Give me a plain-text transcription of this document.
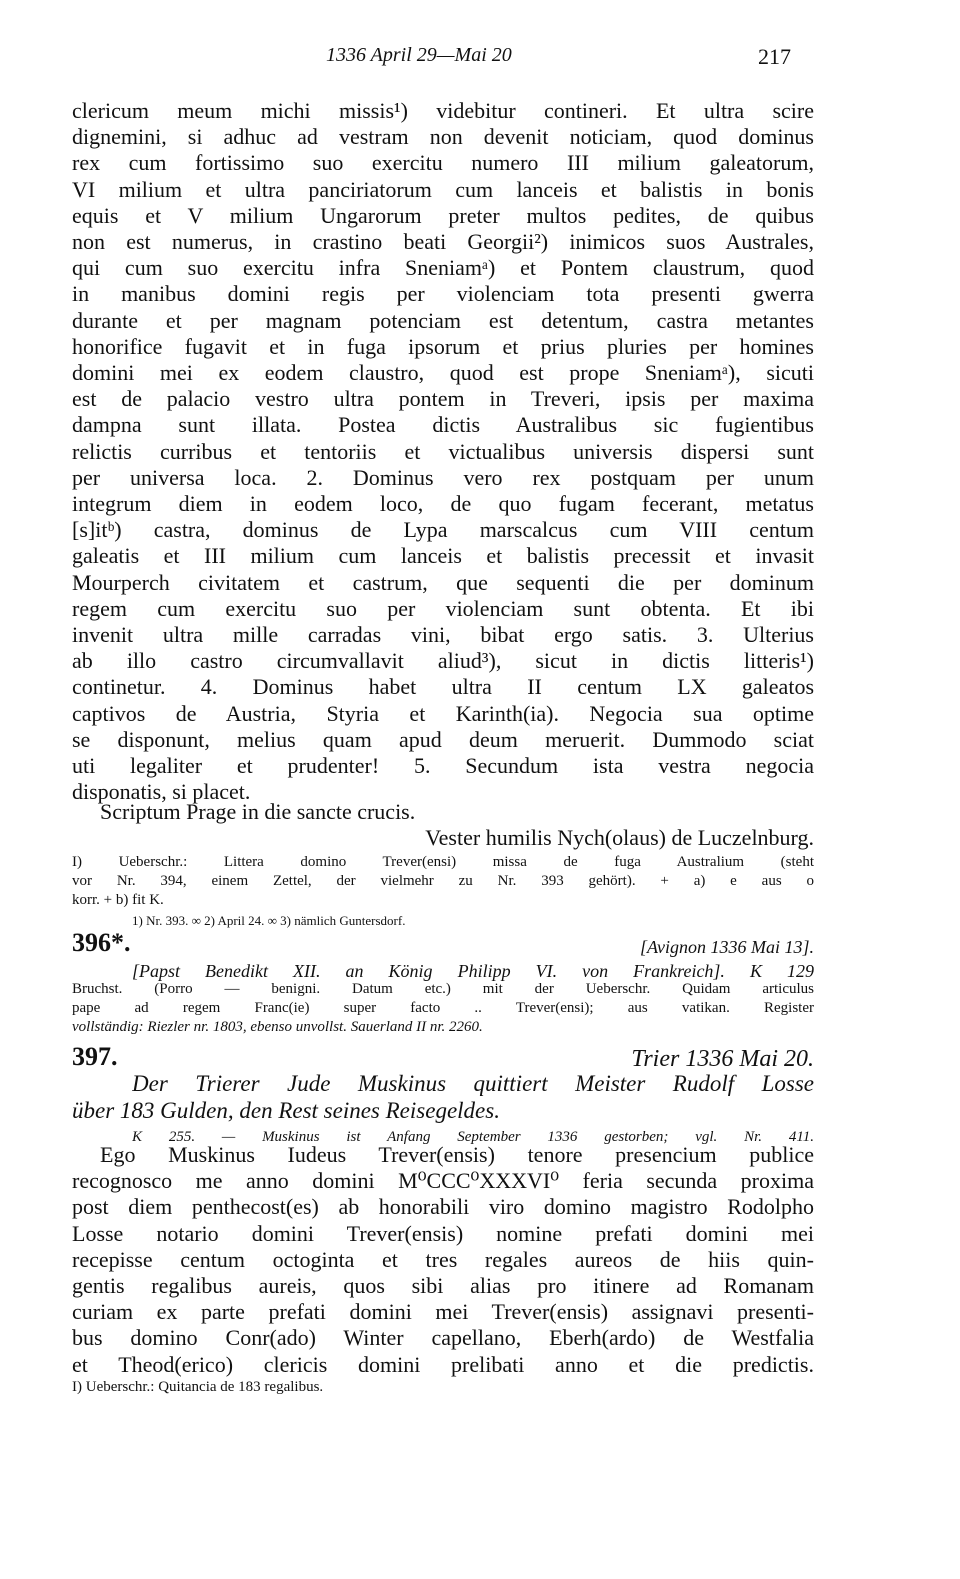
1336 April 29—Mai 20	217
clericum meum michi missis¹) videbitur contineri. Et ultra scire
dignemini, si adhuc ad vestram non devenit noticiam, quod dominus
rex cum fortissimo suo exercitu numero III milium galeatorum,
VI milium et ultra panciriatorum cum lanceis et balistis in bonis
equis et V milium Ungarorum preter multos pedites, de quibus
non est numerus, in crastino beati Georgii²) inimicos suos Australes,
qui cum suo exercitu infra Sneniamᵃ) et Pontem claustrum, quod
in manibus domini regis per violenciam tota presenti gwerra
durante et per magnam potenciam est detentum, castra metantes
honorifice fugavit et in fuga ipsorum et prius pluries per homines
domini mei ex eodem claustro, quod est prope Sneniamᵃ), sicuti
est de palacio vestro ultra pontem in Treveri, ipsis per maxima
dampna sunt illata. Postea dictis Australibus sic fugientibus
relictis curribus et tentoriis et victualibus universis dispersi sunt
per universa loca. 2. Dominus vero rex postquam per unum
integrum diem in eodem loco, de quo fugam fecerant, metatus
[s]itᵇ) castra, dominus de Lypa marscalcus cum VIII centum
galeatis et III milium cum lanceis et balistis precessit et invasit
Mourperch civitatem et castrum, que sequenti die per dominum
regem cum exercitu suo per violenciam sunt obtenta. Et ibi
invenit ultra mille carradas vini, bibat ergo satis. 3. Ulterius
ab illo castro circumvallavit aliud³), sicut in dictis litteris¹)
continetur. 4. Dominus habet ultra II centum LX galeatos
captivos de Austria, Styria et Karinth(ia). Negocia sua optime
se disponunt, melius quam apud deum meruerit. Dummodo sciat
uti legaliter et prudenter! 5. Secundum ista vestra negocia
disponatis, si placet.
Scriptum Prage in die sancte crucis.
Vester humilis Nych(olaus) de Luczelnburg.
I) Ueberschr.: Littera domino Trever(ensi) missa de fuga Australium (steht
vor Nr. 394, einem Zettel, der vielmehr zu Nr. 393 gehört). + a) e aus o
korr. + b) fit K.
1) Nr. 393. ∞ 2) April 24. ∞ 3) nämlich Guntersdorf.
396*.	[Avignon 1336 Mai 13].
[Papst Benedikt XII. an König Philipp VI. von Frankreich]. K 129
Bruchst. (Porro — benigni. Datum etc.) mit der Ueberschr. Quidam articulus
pape ad regem Franc(ie) super facto .. Trever(ensi); aus vatikan. Register
vollständig: Riezler nr. 1803, ebenso unvollst. Sauerland II nr. 2260.
397.	Trier 1336 Mai 20.
Der Trierer Jude Muskinus quittiert Meister Rudolf Losse
über 183 Gulden, den Rest seines Reisegeldes.
K 255. — Muskinus ist Anfang September 1336 gestorben; vgl. Nr. 411.
Ego Muskinus Iudeus Trever(ensis) tenore presencium publice
recognosco me anno domini M⁰CCC⁰XXXVI⁰ feria secunda proxima
post diem penthecost(es) ab honorabili viro domino magistro Rodolpho
Losse notario domini Trever(ensis) nomine prefati domini mei
recepisse centum octoginta et tres regales aureos de hiis quin-
gentis regalibus aureis, quos sibi alias pro itinere ad Romanam
curiam ex parte prefati domini mei Trever(ensis) assignavi presenti-
bus domino Conr(ado) Winter capellano, Eberh(ardo) de Westfalia
et Theod(erico) clericis domini prelibati anno et die predictis.
I) Ueberschr.: Quitancia de 183 regalibus.
